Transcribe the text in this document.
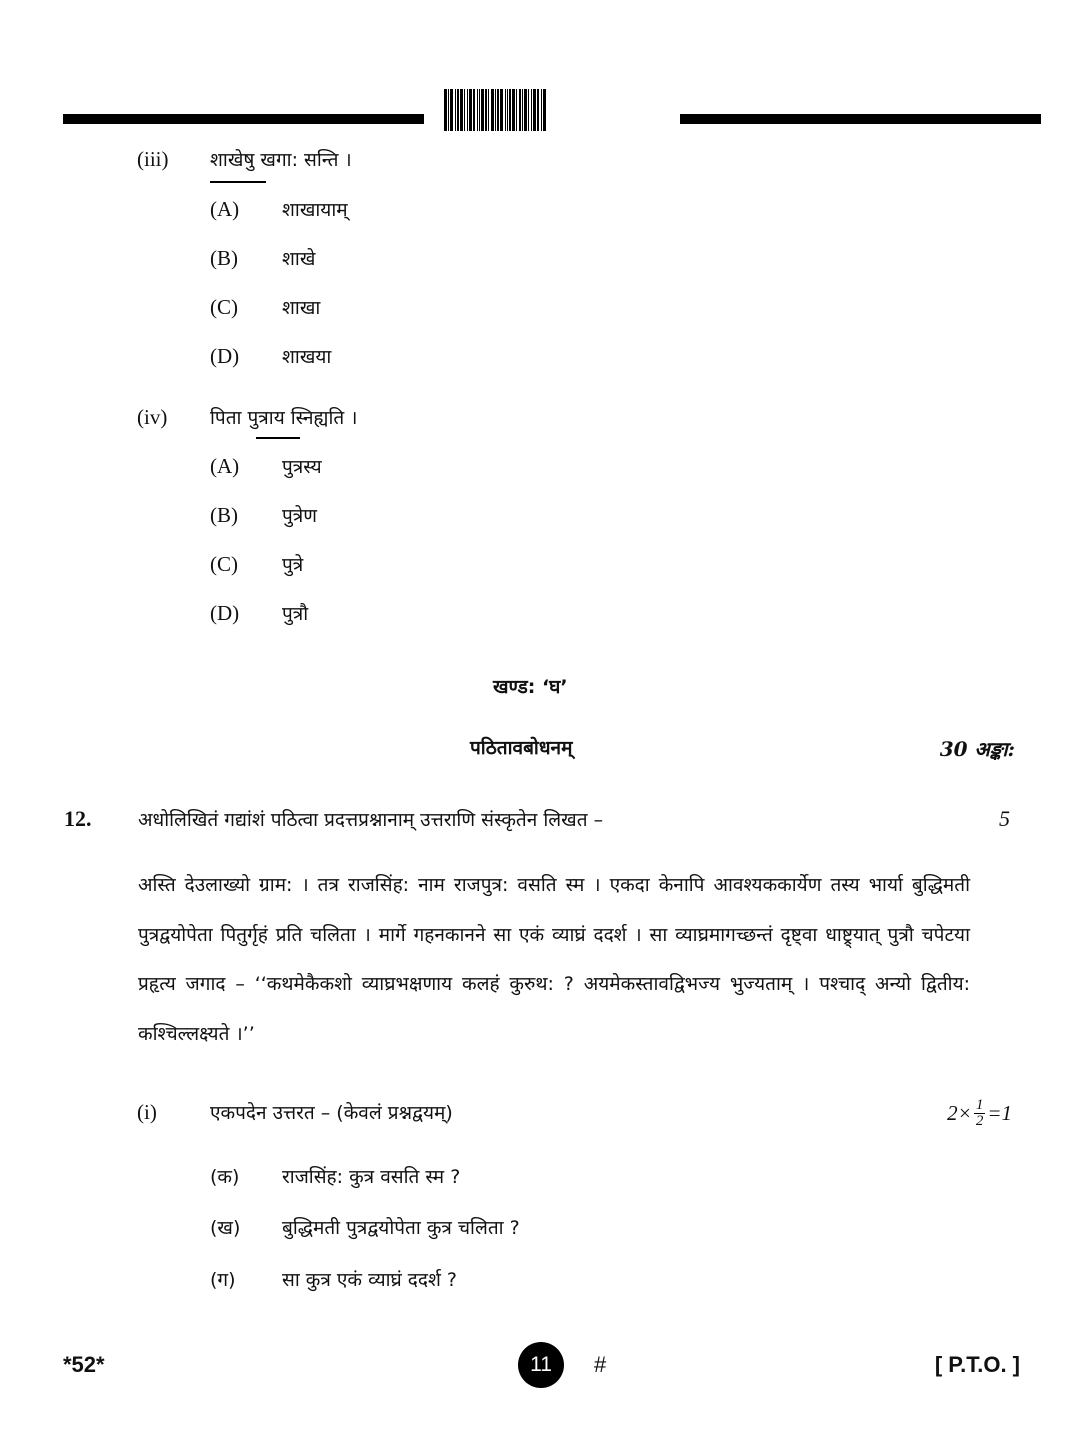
(iii) शाखेषु खगा: सन्ति ।
(A)	शाखायाम्
(B)	शाखे
(C)	शाखा
(D)	शाखया
(iv) पिता पुत्राय स्निह्यति ।
(A)	पुत्रस्य
(B)	पुत्रेण
(C)	पुत्रे
(D)	पुत्रौ
खण्ड: ‘घ’
पठितावबोधनम्	30 अङ्का:
12. अधोलिखितं गद्यांशं पठित्वा प्रदत्तप्रश्नानाम् उत्तराणि संस्कृतेन लिखत –	5

अस्ति देउलाख्यो ग्राम: । तत्र राजसिंह: नाम राजपुत्र: वसति स्म । एकदा केनापि आवश्यककार्येण तस्य भार्या बुद्धिमती पुत्रद्वयोपेता पितुर्गृहं प्रति चलिता । मार्गे गहनकानने सा एकं व्याघ्रं ददर्श । सा व्याघ्रमागच्छन्तं दृष्ट्वा धाष्ट्र्यात् पुत्रौ चपेटया प्रहृत्य जगाद – ‘‘कथमेकैकशो व्याघ्रभक्षणाय कलहं कुरुथ: ? अयमेकस्तावद्विभज्य भुज्यताम् । पश्चाद् अन्यो द्वितीय: कश्चिल्लक्ष्यते ।’’

(i)	एकपदेन उत्तरत – (केवलं प्रश्नद्वयम्)	$2\times \frac{1}{2} =1$
(क)	राजसिंह: कुत्र वसति स्म ?
(ख)	बुद्धिमती पुत्रद्वयोपेता कुत्र चलिता ?
(ग)	सा कुत्र एकं व्याघ्रं ददर्श ?
*52*	11	#	[ P.T.O. ]
